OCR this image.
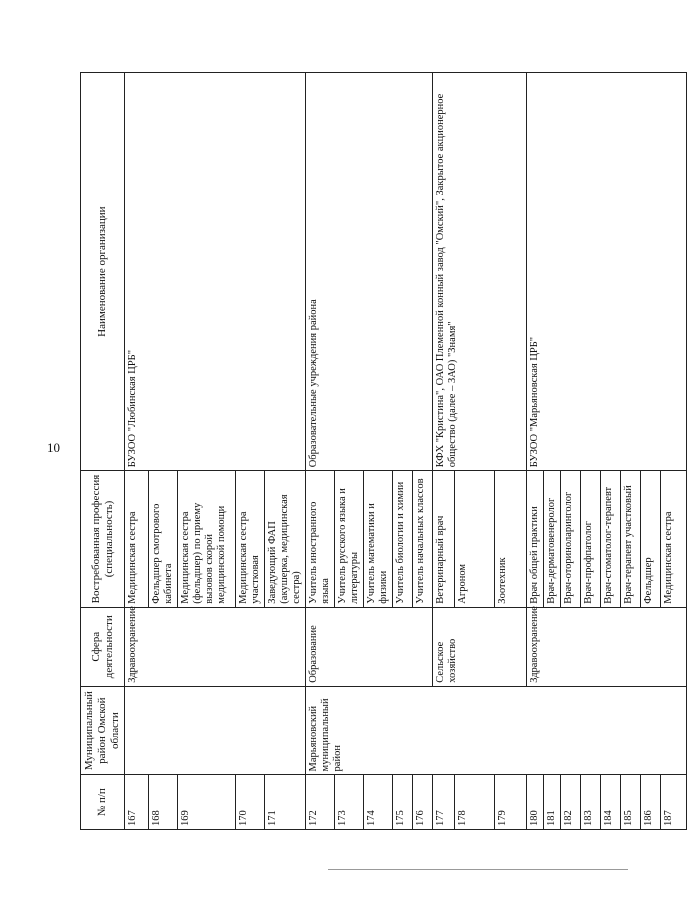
10
№ п/п	Муниципальный район Омской области	Сфера деятельности	Востребованная профессия (специальность)	Наименование организации
167		Здравоохранение	Медицинская сестра	БУЗОО "Любинская ЦРБ"
168			Фельдшер смотрового кабинета	
169			Медицинская сестра (фельдшер) по приему вызовов скорой медицинской помощи	
170			Медицинская сестра участковая	
171			Заведующий ФАП (акушерка, медицинская сестра)	
172	Марьяновский муниципальный район	Образование	Учитель иностранного языка	Образовательные учреждения района
173			Учитель русского языка и литературы	
174			Учитель математики и физики	
175			Учитель биологии и химии	
176			Учитель начальных классов	
177		Сельское хозяйство	Ветеринарный врач	КФХ "Кристина", ОАО Племенной конный завод "Омский", Закрытое акционерное общество (далее – ЗАО) "Знамя"
178			Агроном	
179			Зоотехник	
180		Здравоохранение	Врач общей практики	БУЗОО "Марьяновская ЦРБ"
181			Врач-дерматовенеролог	
182			Врач-оториноларинголог	
183			Врач-профпатолог	
184			Врач-стоматолог-терапевт	
185			Врач-терапевт участковый	
186			Фельдшер	
187			Медицинская сестра	
